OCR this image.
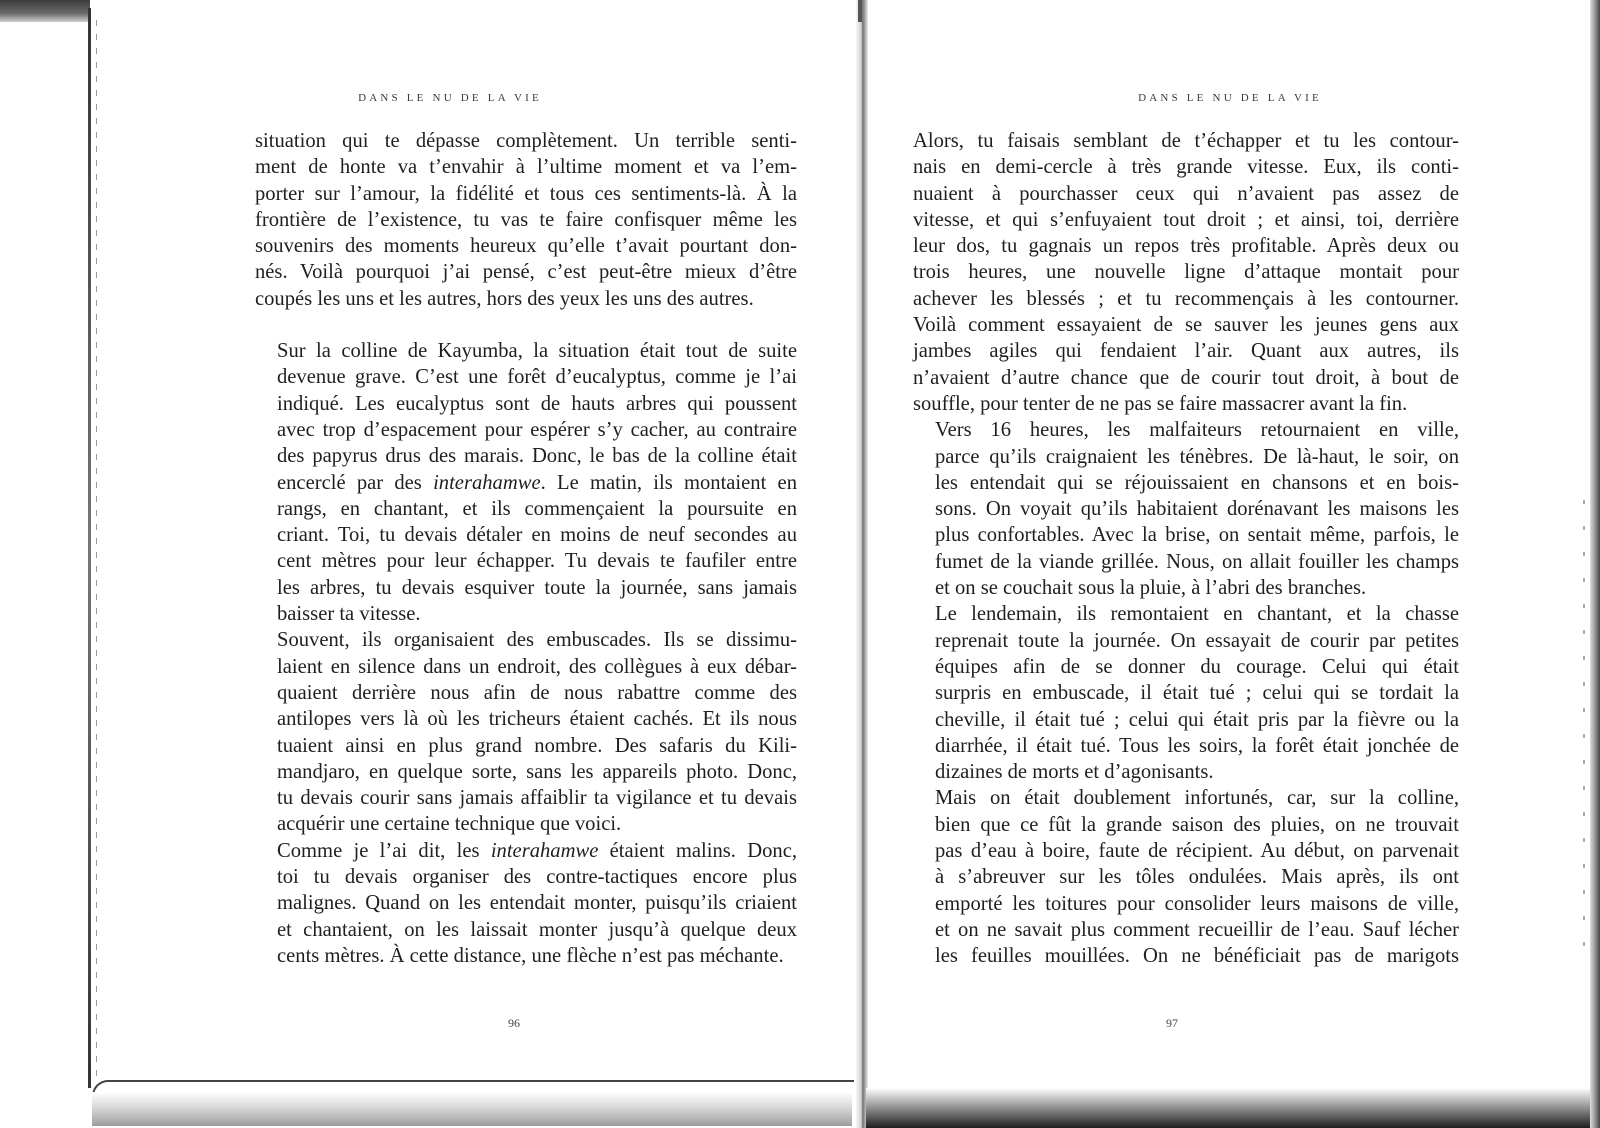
DANS LE NU DE LA VIE
situation qui te dépasse complètement. Un terrible senti-
ment de honte va t’envahir à l’ultime moment et va l’em-
porter sur l’amour, la fidélité et tous ces sentiments-là. À la
frontière de l’existence, tu vas te faire confisquer même les
souvenirs des moments heureux qu’elle t’avait pourtant don-
nés. Voilà pourquoi j’ai pensé, c’est peut-être mieux d’être
coupés les uns et les autres, hors des yeux les uns des autres.
Sur la colline de Kayumba, la situation était tout de suite
devenue grave. C’est une forêt d’eucalyptus, comme je l’ai
indiqué. Les eucalyptus sont de hauts arbres qui poussent
avec trop d’espacement pour espérer s’y cacher, au contraire
des papyrus drus des marais. Donc, le bas de la colline était
encerclé par des interahamwe. Le matin, ils montaient en
rangs, en chantant, et ils commençaient la poursuite en
criant. Toi, tu devais détaler en moins de neuf secondes au
cent mètres pour leur échapper. Tu devais te faufiler entre
les arbres, tu devais esquiver toute la journée, sans jamais
baisser ta vitesse.
Souvent, ils organisaient des embuscades. Ils se dissimu-
laient en silence dans un endroit, des collègues à eux débar-
quaient derrière nous afin de nous rabattre comme des
antilopes vers là où les tricheurs étaient cachés. Et ils nous
tuaient ainsi en plus grand nombre. Des safaris du Kili-
mandjaro, en quelque sorte, sans les appareils photo. Donc,
tu devais courir sans jamais affaiblir ta vigilance et tu devais
acquérir une certaine technique que voici.
Comme je l’ai dit, les interahamwe étaient malins. Donc,
toi tu devais organiser des contre-tactiques encore plus
malignes. Quand on les entendait monter, puisqu’ils criaient
et chantaient, on les laissait monter jusqu’à quelque deux
cents mètres. À cette distance, une flèche n’est pas méchante.
96
DANS LE NU DE LA VIE
Alors, tu faisais semblant de t’échapper et tu les contour-
nais en demi-cercle à très grande vitesse. Eux, ils conti-
nuaient à pourchasser ceux qui n’avaient pas assez de
vitesse, et qui s’enfuyaient tout droit ; et ainsi, toi, derrière
leur dos, tu gagnais un repos très profitable. Après deux ou
trois heures, une nouvelle ligne d’attaque montait pour
achever les blessés ; et tu recommençais à les contourner.
Voilà comment essayaient de se sauver les jeunes gens aux
jambes agiles qui fendaient l’air. Quant aux autres, ils
n’avaient d’autre chance que de courir tout droit, à bout de
souffle, pour tenter de ne pas se faire massacrer avant la fin.
Vers 16 heures, les malfaiteurs retournaient en ville,
parce qu’ils craignaient les ténèbres. De là-haut, le soir, on
les entendait qui se réjouissaient en chansons et en bois-
sons. On voyait qu’ils habitaient dorénavant les maisons les
plus confortables. Avec la brise, on sentait même, parfois, le
fumet de la viande grillée. Nous, on allait fouiller les champs
et on se couchait sous la pluie, à l’abri des branches.
Le lendemain, ils remontaient en chantant, et la chasse
reprenait toute la journée. On essayait de courir par petites
équipes afin de se donner du courage. Celui qui était
surpris en embuscade, il était tué ; celui qui se tordait la
cheville, il était tué ; celui qui était pris par la fièvre ou la
diarrhée, il était tué. Tous les soirs, la forêt était jonchée de
dizaines de morts et d’agonisants.
Mais on était doublement infortunés, car, sur la colline,
bien que ce fût la grande saison des pluies, on ne trouvait
pas d’eau à boire, faute de récipient. Au début, on parvenait
à s’abreuver sur les tôles ondulées. Mais après, ils ont
emporté les toitures pour consolider leurs maisons de ville,
et on ne savait plus comment recueillir de l’eau. Sauf lécher
les feuilles mouillées. On ne bénéficiait pas de marigots
97
